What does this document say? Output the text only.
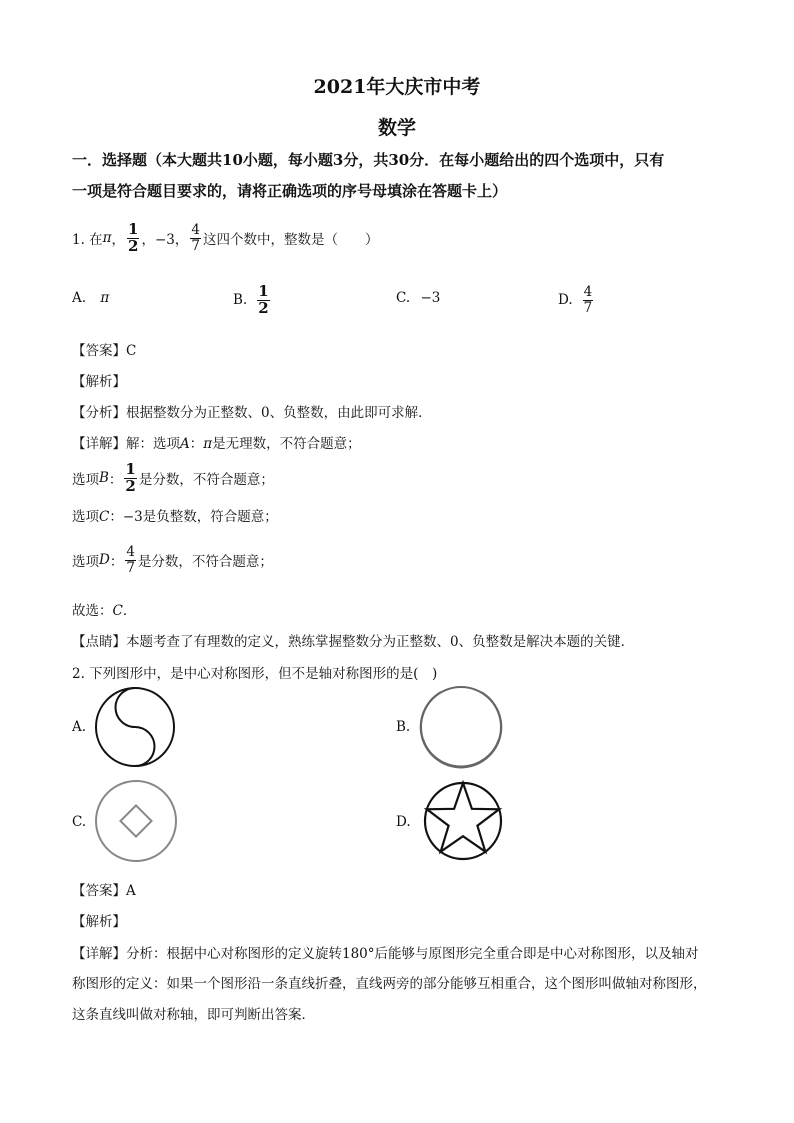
2021年大庆市中考
数学
一．选择题（本大题共10小题，每小题3分，共30分．在每小题给出的四个选项中，只有
一项是符合题目要求的，请将正确选项的序号母填涂在答题卡上）
1. 在 π ， $\frac{1}{2}$ ，−3， $\frac{4}{7}$ 这四个数中，整数是（　　）
A. π	B. $\frac{1}{2}$	C. −3	D. $\frac{4}{7}$
【答案】C
【解析】
【分析】根据整数分为正整数、0、负整数，由此即可求解．
【详解】解：选项A：π是无理数，不符合题意；
选项 B ： $\frac{1}{2}$ 是分数，不符合题意；
选项C：−3是负整数，符合题意；
选项 D ： $\frac{4}{7}$ 是分数，不符合题意；
故选：C．
【点睛】本题考查了有理数的定义，熟练掌握整数分为正整数、0、负整数是解决本题的关键．
2. 下列图形中，是中心对称图形，但不是轴对称图形的是(　)
A.	B.
C.	D.
【答案】A
【解析】
【详解】分析：根据中心对称图形的定义旋转180°后能够与原图形完全重合即是中心对称图形，以及轴对
称图形的定义：如果一个图形沿一条直线折叠，直线两旁的部分能够互相重合，这个图形叫做轴对称图形，
这条直线叫做对称轴，即可判断出答案．
